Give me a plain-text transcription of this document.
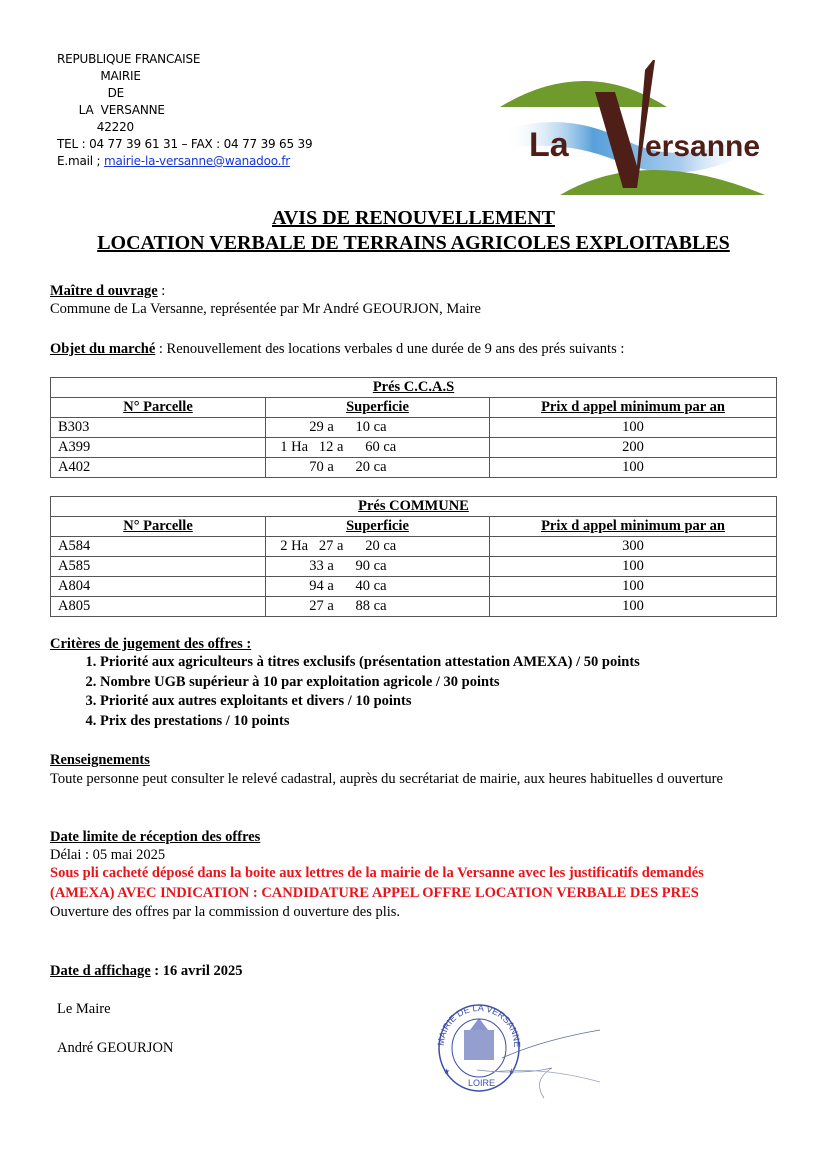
REPUBLIQUE FRANCAISE
MAIRIE
DE
LA  VERSANNE
42220
TEL : 04 77 39 61 31 – FAX : 04 77 39 65 39
E.mail ; mairie-la-versanne@wanadoo.fr	La	ersanne
AVIS DE RENOUVELLEMENT
LOCATION VERBALE DE TERRAINS AGRICOLES EXPLOITABLES
Maître d ouvrage :
Commune de La Versanne, représentée par Mr André GEOURJON, Maire
Objet du marché : Renouvellement des locations verbales d une durée de 9 ans des prés suivants :
Prés C.C.A.S		
N° Parcelle	Superficie	Prix d appel minimum par an
B303	29 a      10 ca	100
A399	1 Ha   12 a      60 ca	200
A402	70 a      20 ca	100
Prés COMMUNE		
N° Parcelle	Superficie	Prix d appel minimum par an
A584	2 Ha   27 a      20 ca	300
A585	33 a      90 ca	100
A804	94 a      40 ca	100
A805	27 a      88 ca	100
Critères de jugement des offres :
1. Priorité aux agriculteurs à titres exclusifs (présentation attestation AMEXA) / 50 points
2. Nombre UGB supérieur à 10 par exploitation agricole / 30 points
3. Priorité aux autres exploitants et divers / 10 points
4. Prix des prestations / 10 points
Renseignements
Toute personne peut consulter le relevé cadastral, auprès du secrétariat de mairie, aux heures habituelles d ouverture
Date limite de réception des offres
Délai : 05 mai 2025
Sous pli cacheté déposé dans la boite aux lettres de la mairie de la Versanne avec les justificatifs demandés (AMEXA) AVEC INDICATION : CANDIDATURE APPEL OFFRE LOCATION VERBALE DES PRES
Ouverture des offres par la commission d ouverture des plis.
Date d affichage : 16 avril 2025
Le Maire
André GEOURJON	MAIRIE DE LA VERSANNE
LOIRE
★	★
